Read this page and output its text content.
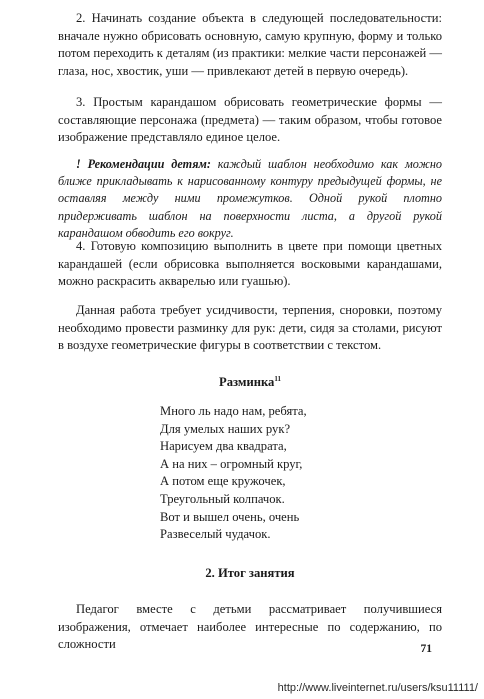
2. Начинать создание объекта в следующей последовательности: вначале нужно обрисовать основную, самую крупную, форму и только потом переходить к деталям (из практики: мелкие части персонажей — глаза, нос, хвостик, уши — привлекают детей в первую очередь).
3. Простым карандашом обрисовать геометрические формы — составляющие персонажа (предмета) — таким образом, чтобы готовое изображение представляло единое целое.
! Рекомендации детям: каждый шаблон необходимо как можно ближе прикладывать к нарисованному контуру предыдущей формы, не оставляя между ними промежутков. Одной рукой плотно придерживать шаблон на поверхности листа, а другой рукой карандашом обводить его вокруг.
4. Готовую композицию выполнить в цвете при помощи цветных карандашей (если обрисовка выполняется восковыми карандашами, можно раскрасить акварелью или гуашью).
Данная работа требует усидчивости, терпения, сноровки, поэтому необходимо провести разминку для рук: дети, сидя за столами, рисуют в воздухе геометрические фигуры в соответствии с текстом.
Разминка$^{11}$
Много ль надо нам, ребята,
Для умелых наших рук?
Нарисуем два квадрата,
А на них – огромный круг,
А потом еще кружочек,
Треугольный колпачок.
Вот и вышел очень, очень
Развеселый чудачок.
2. Итог занятия
Педагог вместе с детьми рассматривает получившиеся изображения, отмечает наиболее интересные по содержанию, по сложности	71
http://www.liveinternet.ru/users/ksu11111/
